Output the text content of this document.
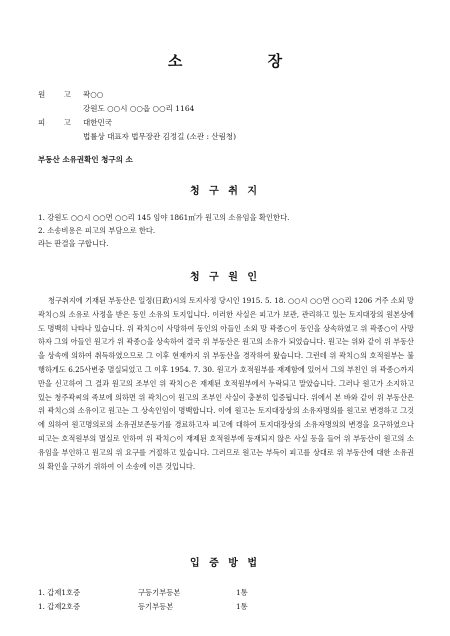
소 장
원 고 곽○○
강원도 ○○시 ○○읍 ○○리 1164
피 고 대한민국
법률상 대표자 법무장관 김정길 (소관 : 산림청)
부동산 소유권확인 청구의 소
청 구 취 지
1. 강원도 ○○시 ○○면 ○○리 145 임야 1861㎡가 원고의 소유임을 확인한다.
2. 소송비용은 피고의 부담으로 한다.
라는 판결을 구합니다.
청 구 원 인
청구취지에 기재된 부동산은 일정(日政)시의 토지사정 당시인 1915. 5. 18. ○○시 ○○면 ○○리 1206 거주 소외 망 곽치○의 소유로 사정을 받은 동인 소유의 토지입니다. 이러한 사실은 피고가 보관, 관리하고 있는 토지대장의 원본상에도 명백히 나타나 있습니다. 위 곽치○이 사망하여 동인의 아들인 소외 망 곽종○이 동인을 상속하였고 위 곽종○이 사망하자 그의 아들인 원고가 위 곽종○을 상속하여 결국 위 부동산은 원고의 소유가 되었습니다. 원고는 위와 같이 위 부동산을 상속에 의하여 취득하였으므로 그 이후 현재까지 위 부동산을 경작하여 왔습니다. 그런데 위 곽치○의 호적원부는 불행하게도 6.25사변중 멸실되었고 그 이후 1954. 7. 30. 원고가 호적원부를 재제함에 있어서 그의 부친인 위 곽종○까지만을 신고하여 그 결과 원고의 조부인 위 곽치○은 재제된 호적원부에서 누락되고 말았습니다. 그러나 원고가 소지하고 있는 청주곽씨의 족보에 의하면 위 곽치○이 원고의 조부인 사실이 충분히 입증됩니다. 위에서 본 바와 같이 위 부동산은 위 곽치○의 소유이고 원고는 그 상속인임이 명백합니다. 이에 원고는 토지대장상의 소유자명의를 원고로 변경하고 그것에 의하여 원고명의로의 소유권보존등기를 경료하고자 피고에 대하여 토지대장상의 소유자명의의 변경을 요구하였으나 피고는 호적원부의 멸실로 인하여 위 곽치○이 재제된 호적원부에 등재되지 않은 사실 등을 들어 위 부동산이 원고의 소유임을 부인하고 원고의 위 요구를 거절하고 있습니다. 그러므로 원고는 부득이 피고를 상대로 위 부동산에 대한 소유권의 확인을 구하기 위하여 이 소송에 이른 것입니다.
입 증 방 법
1. 갑제1호증	구등기부등본	1통
1. 갑제2호증	등기부등본	1통
